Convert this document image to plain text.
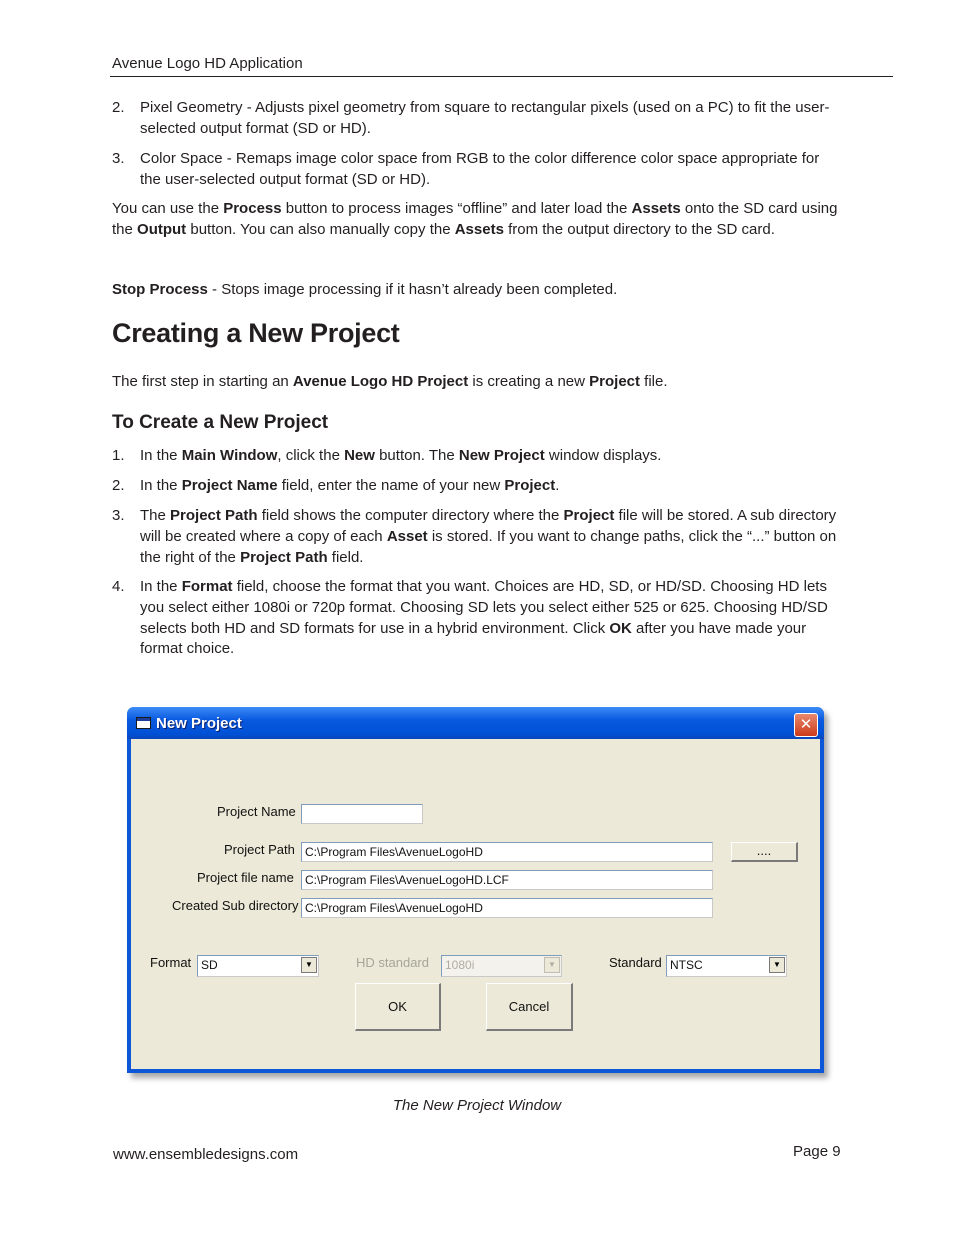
Avenue Logo HD Application
2. Pixel Geometry - Adjusts pixel geometry from square to rectangular pixels (used on a PC) to fit the user-selected output format (SD or HD).
3. Color Space - Remaps image color space from RGB to the color difference color space appropriate for the user-selected output format (SD or HD).
You can use the Process button to process images “offline” and later load the Assets onto the SD card using the Output button. You can also manually copy the Assets from the output directory to the SD card.
Stop Process - Stops image processing if it hasn’t already been completed.
Creating a New Project
The first step in starting an Avenue Logo HD Project is creating a new Project file.
To Create a New Project
1. In the Main Window, click the New button. The New Project window displays.
2. In the Project Name field, enter the name of your new Project.
3. The Project Path field shows the computer directory where the Project file will be stored. A sub directory will be created where a copy of each Asset is stored. If you want to change paths, click the “...” button on the right of the Project Path field.
4. In the Format field, choose the format that you want. Choices are HD, SD, or HD/SD. Choosing HD lets you select either 1080i or 720p format. Choosing SD lets you select either 525 or 625. Choosing HD/SD selects both HD and SD formats for use in a hybrid environment. Click OK after you have made your format choice.
New Project	✕
Project Name
Project Path C:\Program Files\AvenueLogoHD	....
Project file name C:\Program Files\AvenueLogoHD.LCF
Created Sub directory C:\Program Files\AvenueLogoHD
Format SD	▼	HD standard	1080i	▼	Standard NTSC	▼
OK	Cancel
The New Project Window
www.ensembledesigns.com	Page 9
